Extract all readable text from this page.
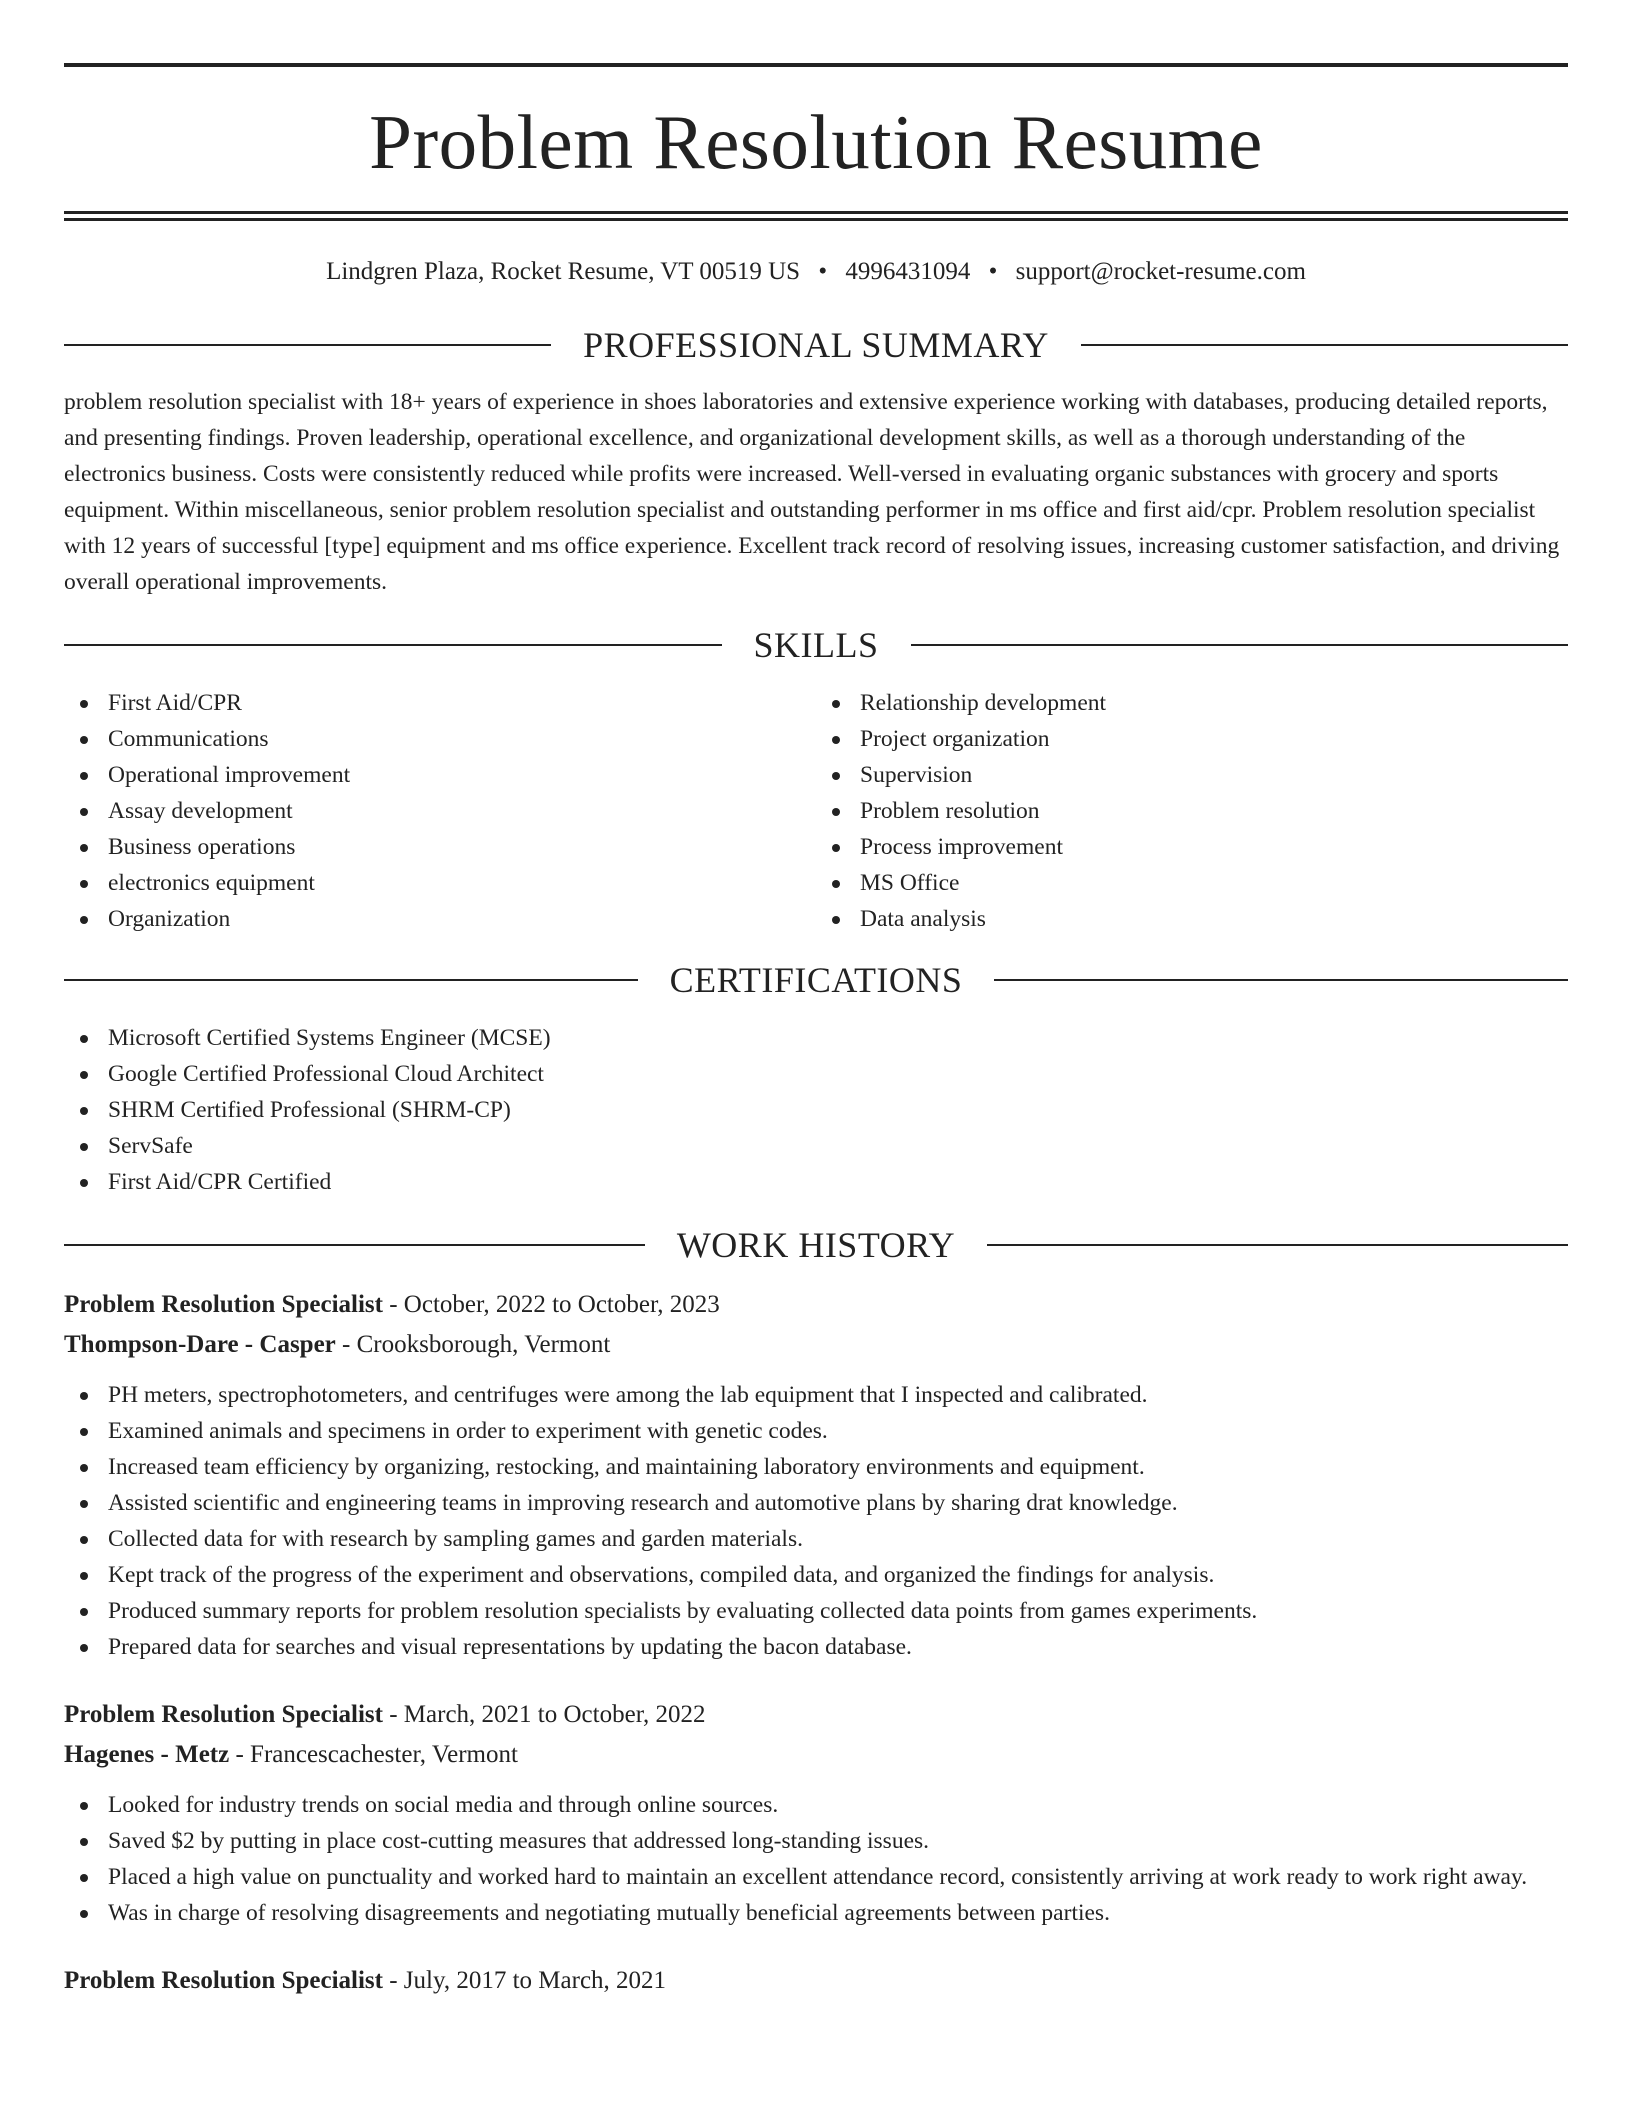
Problem Resolution Resume
Lindgren Plaza, Rocket Resume, VT 00519 US • 4996431094 • support@rocket-resume.com
PROFESSIONAL SUMMARY

problem resolution specialist with 18+ years of experience in shoes laboratories and extensive experience working with databases, producing detailed reports, and presenting findings. Proven leadership, operational excellence, and organizational development skills, as well as a thorough understanding of the electronics business. Costs were consistently reduced while profits were increased. Well-versed in evaluating organic substances with grocery and sports equipment. Within miscellaneous, senior problem resolution specialist and outstanding performer in ms office and first aid/cpr. Problem resolution specialist with 12 years of successful [type] equipment and ms office experience. Excellent track record of resolving issues, increasing customer satisfaction, and driving overall operational improvements.

SKILLS
First Aid/CPR
Communications
Operational improvement
Assay development
Business operations
electronics equipment
Organization
Relationship development
Project organization
Supervision
Problem resolution
Process improvement
MS Office
Data analysis
CERTIFICATIONS
Microsoft Certified Systems Engineer (MCSE)
Google Certified Professional Cloud Architect
SHRM Certified Professional (SHRM-CP)
ServSafe
First Aid/CPR Certified
WORK HISTORY
Problem Resolution Specialist - October, 2022 to October, 2023
Thompson-Dare - Casper - Crooksborough, Vermont
PH meters, spectrophotometers, and centrifuges were among the lab equipment that I inspected and calibrated.
Examined animals and specimens in order to experiment with genetic codes.
Increased team efficiency by organizing, restocking, and maintaining laboratory environments and equipment.
Assisted scientific and engineering teams in improving research and automotive plans by sharing drat knowledge.
Collected data for with research by sampling games and garden materials.
Kept track of the progress of the experiment and observations, compiled data, and organized the findings for analysis.
Produced summary reports for problem resolution specialists by evaluating collected data points from games experiments.
Prepared data for searches and visual representations by updating the bacon database.
Problem Resolution Specialist - March, 2021 to October, 2022
Hagenes - Metz - Francescachester, Vermont
Looked for industry trends on social media and through online sources.
Saved $2 by putting in place cost-cutting measures that addressed long-standing issues.
Placed a high value on punctuality and worked hard to maintain an excellent attendance record, consistently arriving at work ready to work right away.
Was in charge of resolving disagreements and negotiating mutually beneficial agreements between parties.
Problem Resolution Specialist - July, 2017 to March, 2021
